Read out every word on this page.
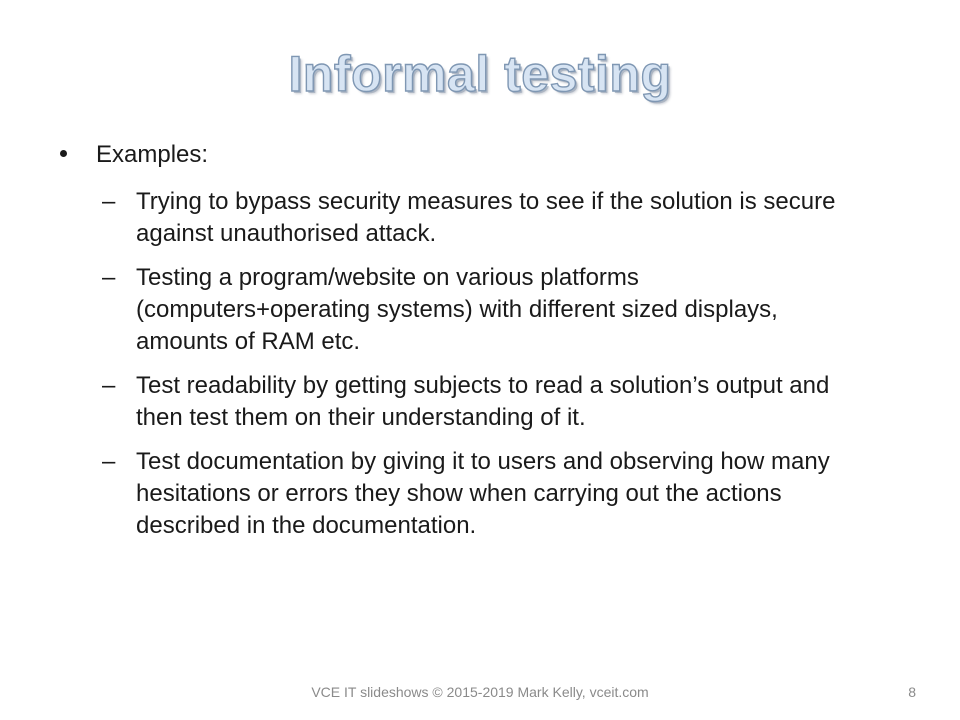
Informal testing
Examples:
– Trying to bypass security measures to see if the solution is secure against unauthorised attack.
– Testing a program/website on various platforms (computers+operating systems) with different sized displays, amounts of RAM etc.
– Test readability by getting subjects to read a solution’s output and then test them on their understanding of it.
– Test documentation by giving it to users and observing how many hesitations or errors they show when carrying out the actions described in the documentation.
VCE IT slideshows © 2015-2019 Mark Kelly, vceit.com	8
